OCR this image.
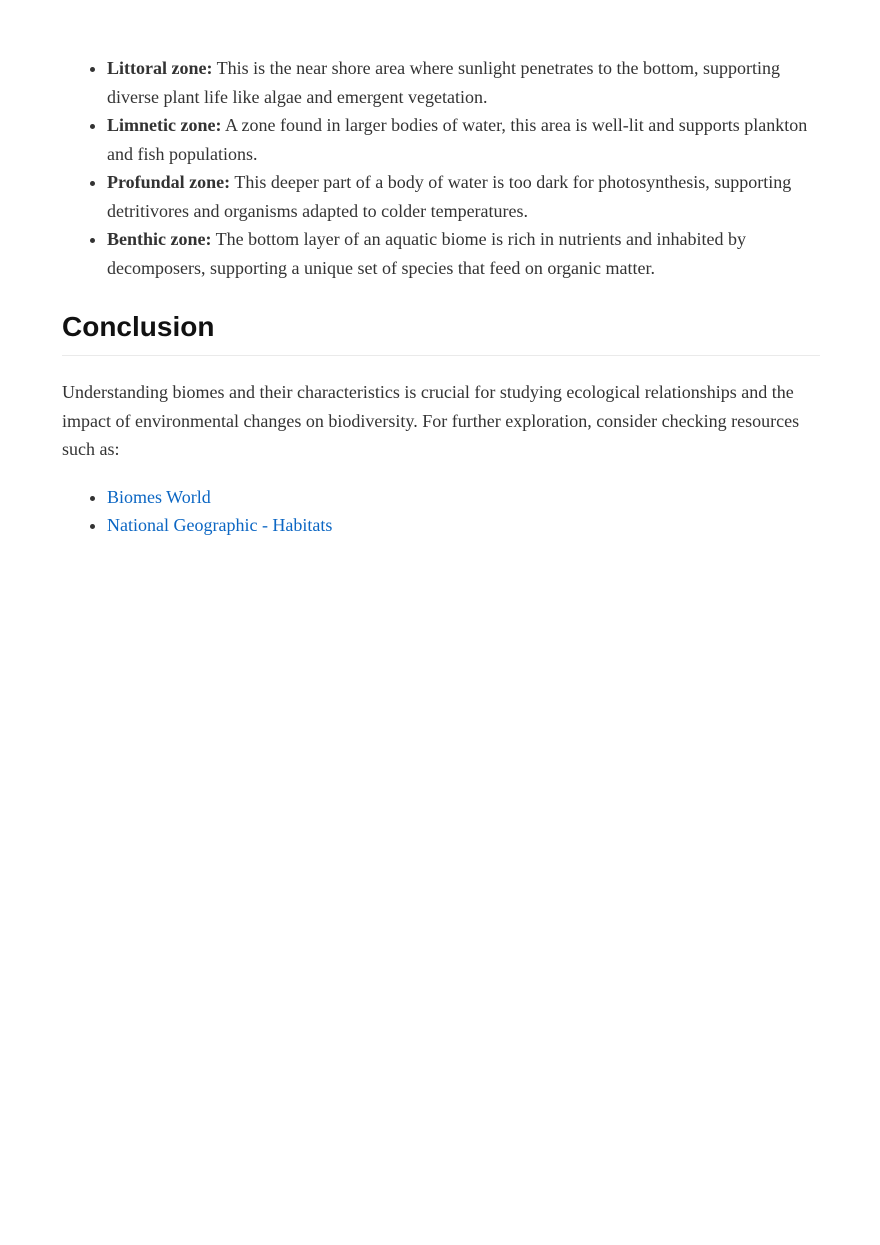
• Littoral zone: This is the near shore area where sunlight penetrates to the bottom, supporting diverse plant life like algae and emergent vegetation.
• Limnetic zone: A zone found in larger bodies of water, this area is well-lit and supports plankton and fish populations.
• Profundal zone: This deeper part of a body of water is too dark for photosynthesis, supporting detritivores and organisms adapted to colder temperatures.
• Benthic zone: The bottom layer of an aquatic biome is rich in nutrients and inhabited by decomposers, supporting a unique set of species that feed on organic matter.
Conclusion

Understanding biomes and their characteristics is crucial for studying ecological relationships and the impact of environmental changes on biodiversity. For further exploration, consider checking resources such as:

• Biomes World
• National Geographic - Habitats
